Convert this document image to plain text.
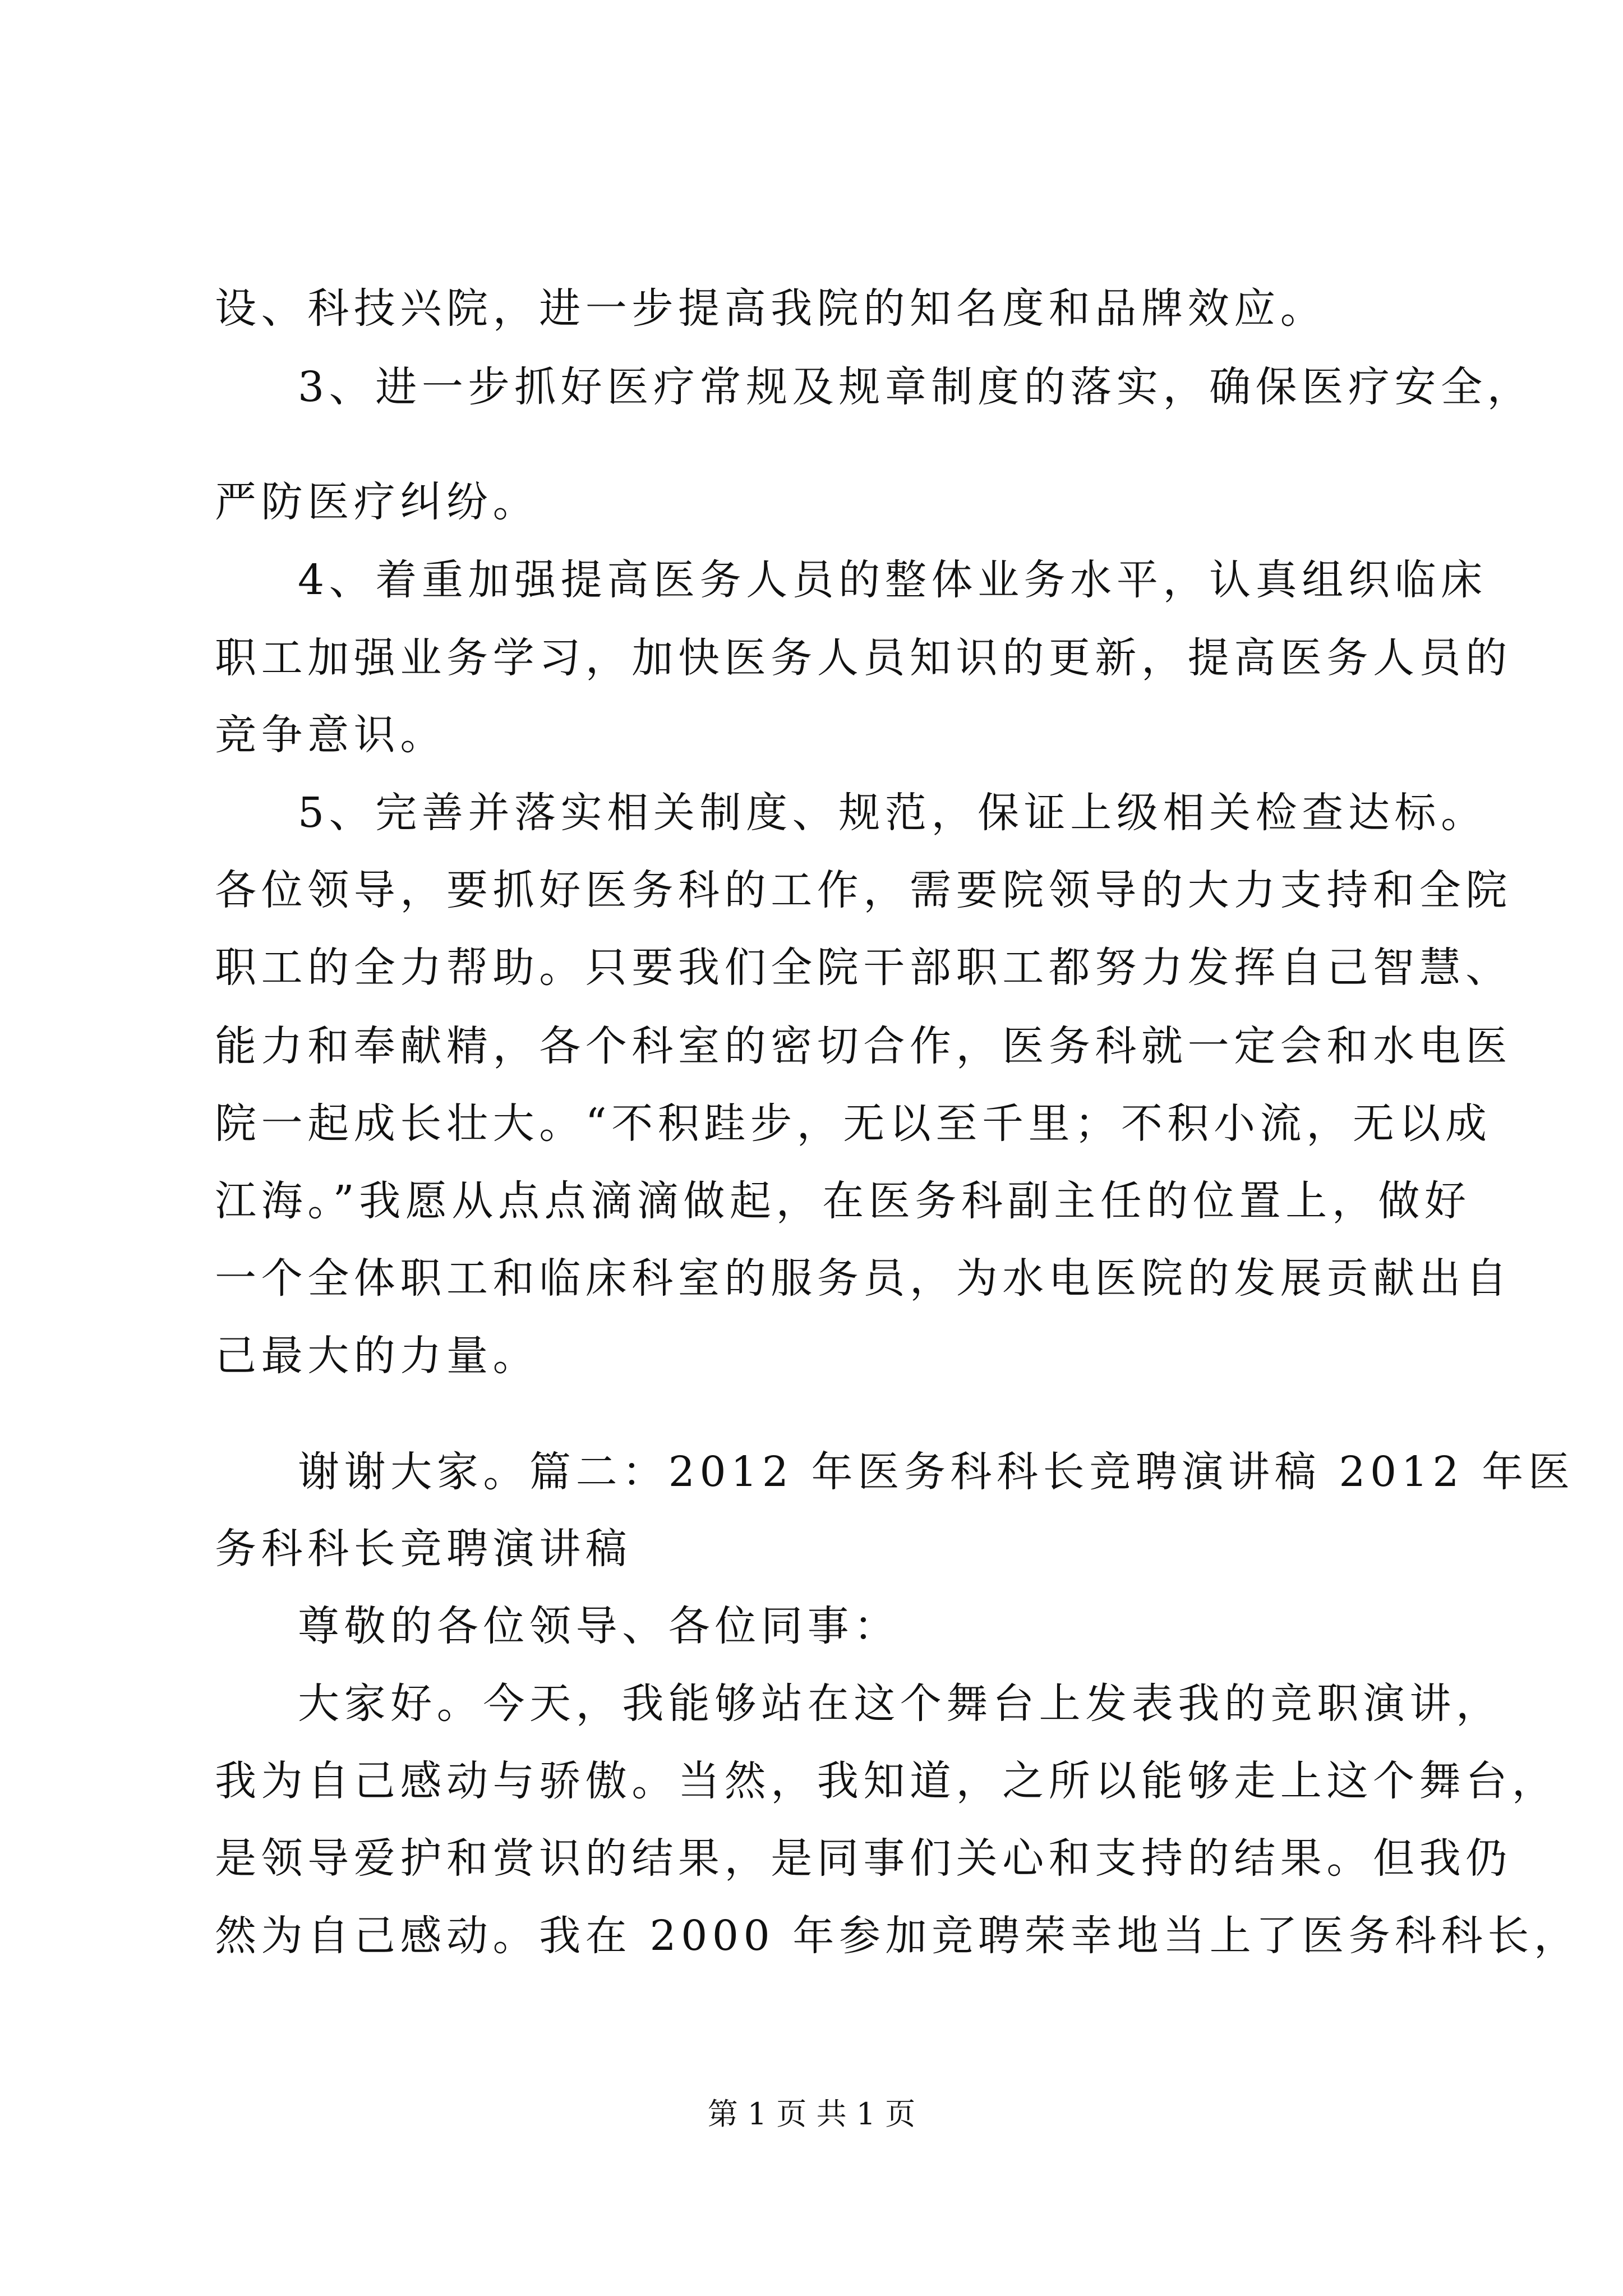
设、科技兴院，进一步提高我院的知名度和品牌效应。
3、进一步抓好医疗常规及规章制度的落实，确保医疗安全，
严防医疗纠纷。
4、着重加强提高医务人员的整体业务水平，认真组织临床
职工加强业务学习，加快医务人员知识的更新，提高医务人员的
竞争意识。
5、完善并落实相关制度、规范，保证上级相关检查达标。
各位领导，要抓好医务科的工作，需要院领导的大力支持和全院
职工的全力帮助。只要我们全院干部职工都努力发挥自己智慧、
能力和奉献精，各个科室的密切合作，医务科就一定会和水电医
院一起成长壮大。“不积跬步，无以至千里；不积小流，无以成
江海。”我愿从点点滴滴做起，在医务科副主任的位置上，做好
一个全体职工和临床科室的服务员，为水电医院的发展贡献出自
己最大的力量。
谢谢大家。篇二：2012 年医务科科长竞聘演讲稿 2012 年医
务科科长竞聘演讲稿
尊敬的各位领导、各位同事：
大家好。今天，我能够站在这个舞台上发表我的竞职演讲，
我为自己感动与骄傲。当然，我知道，之所以能够走上这个舞台，
是领导爱护和赏识的结果，是同事们关心和支持的结果。但我仍
然为自己感动。我在 2000 年参加竞聘荣幸地当上了医务科科长，
第 1 页 共 1 页
